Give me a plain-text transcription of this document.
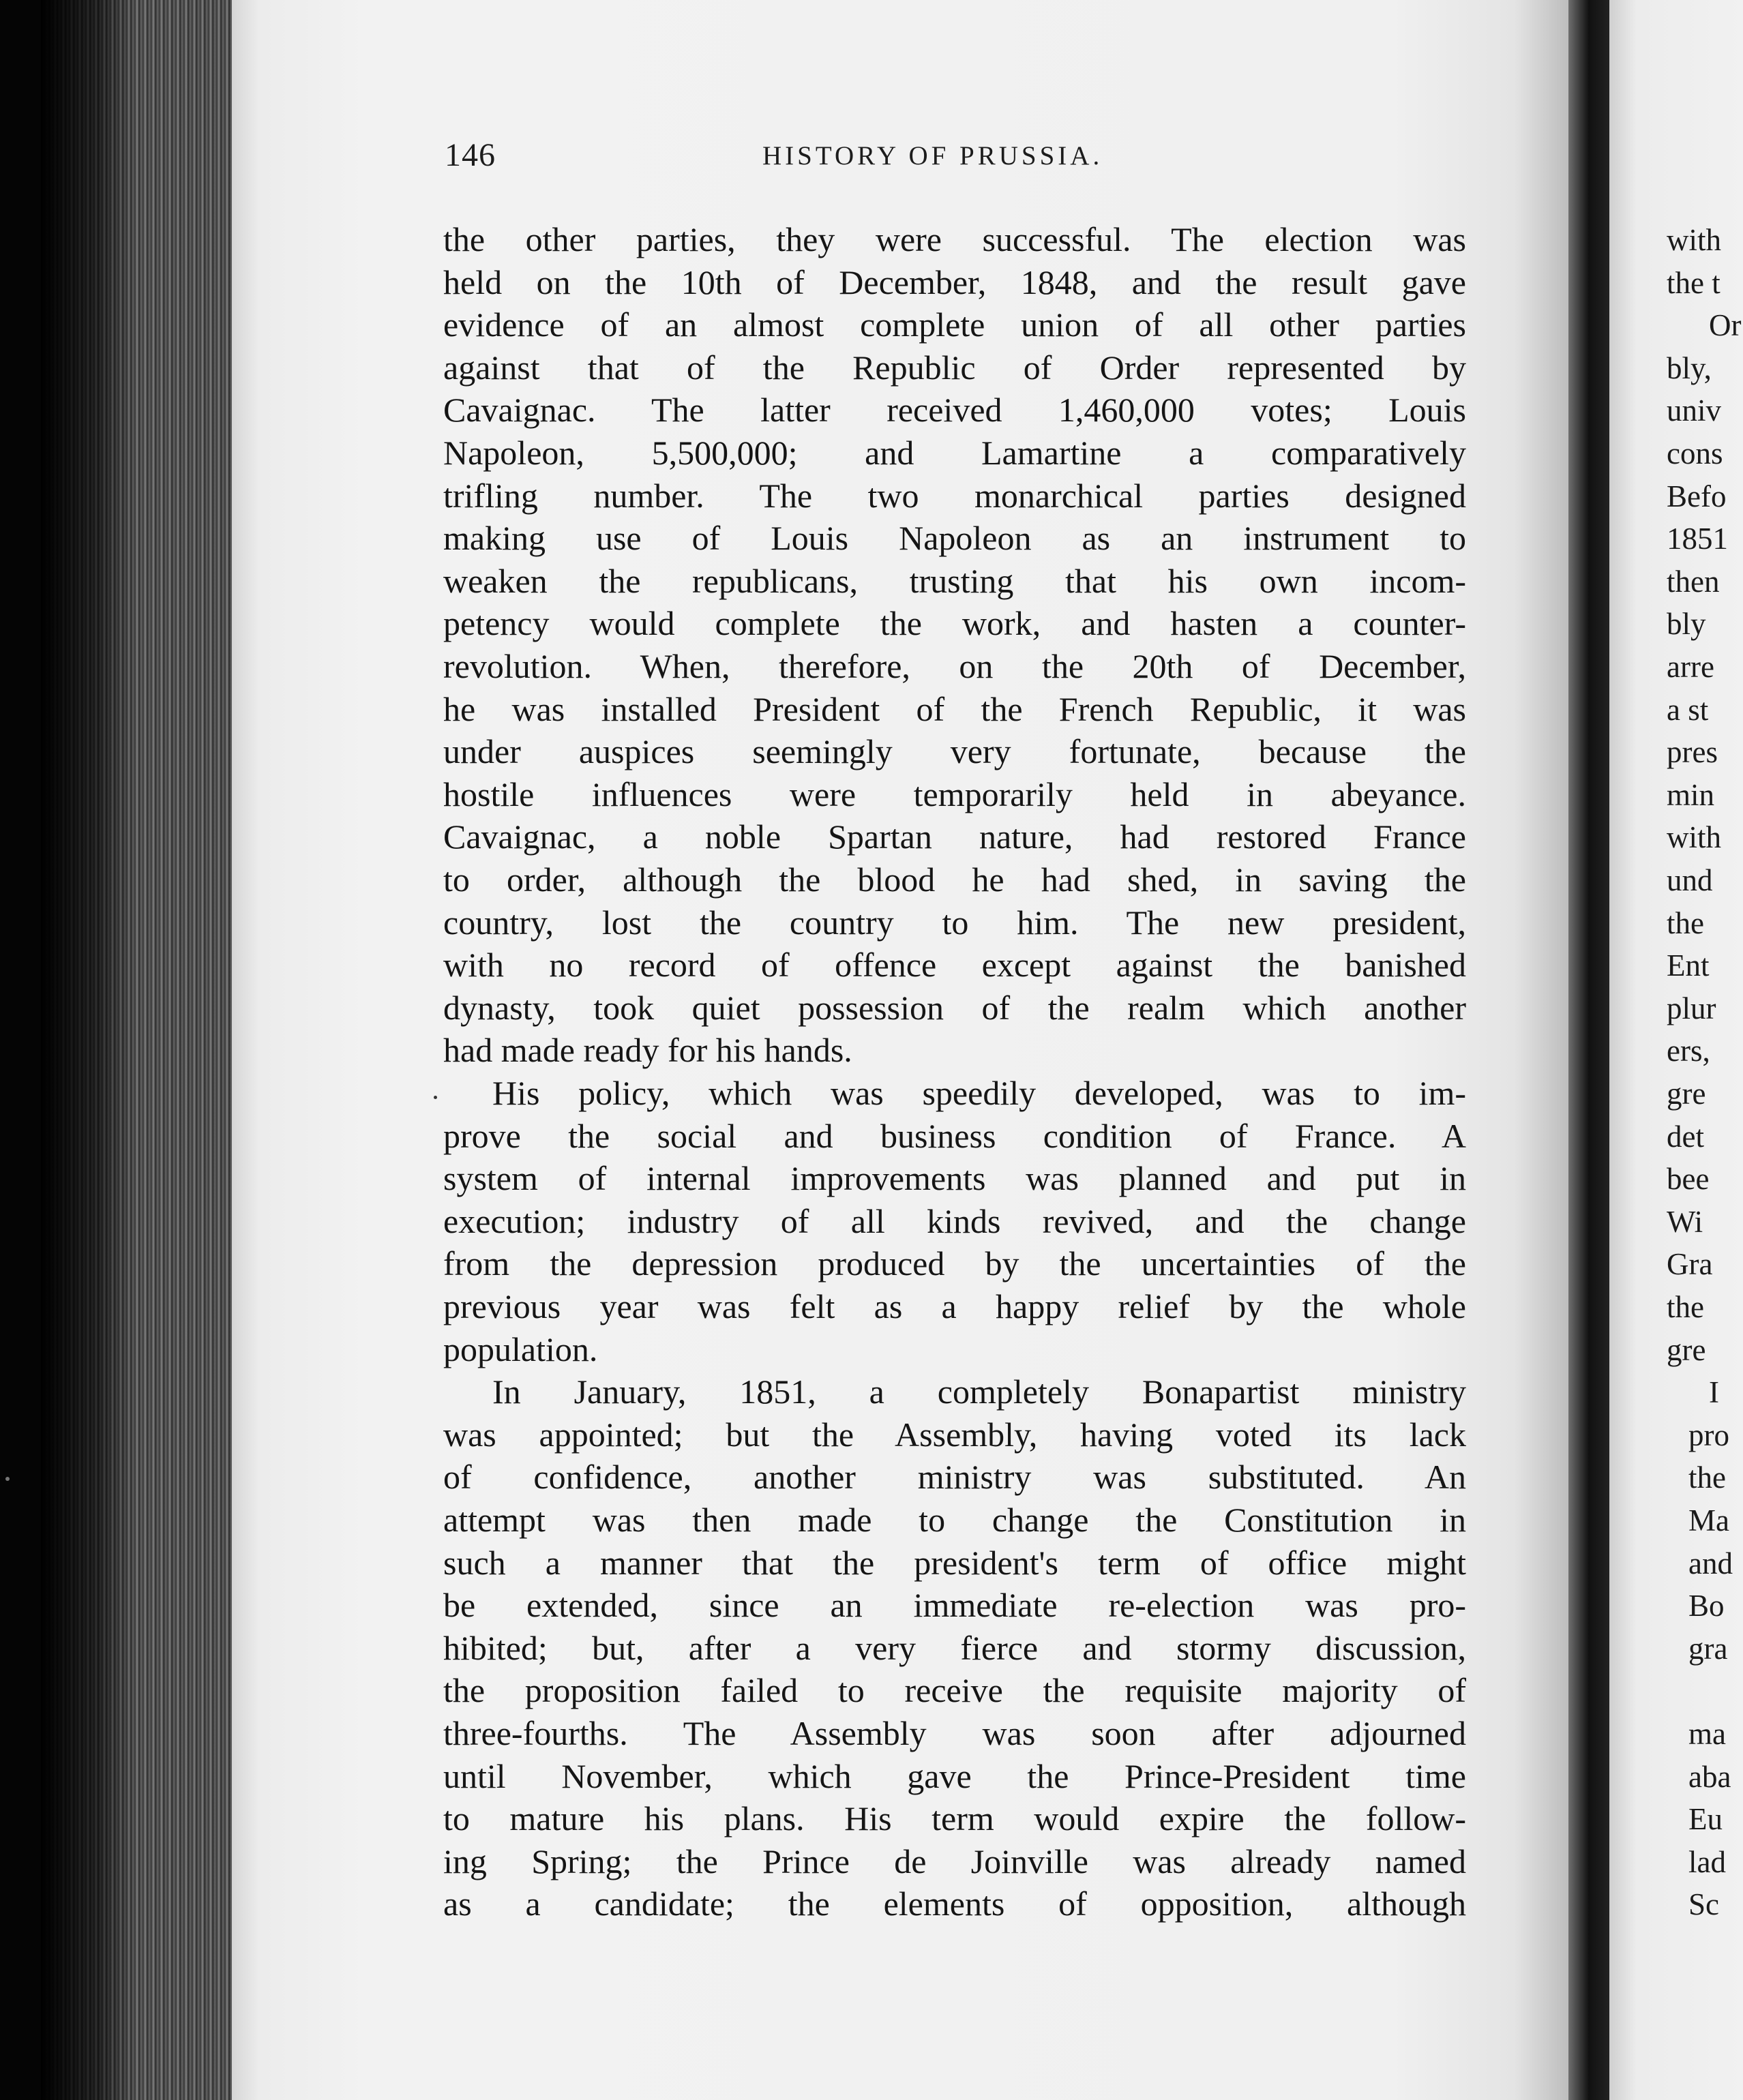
with
the t
Or
bly,
univ
cons
Befo
1851
then
bly
arre
a st
pres
min
with
und
the
Ent
plur
ers,
gre
det
bee
Wi
Gra
the
gre
I
pro
the
Ma
and
Bo
gra
ma
aba
Eu
lad
Sc
146	HISTORY OF PRUSSIA.
the other parties, they were successful. The election was
held on the 10th of December, 1848, and the result gave
evidence of an almost complete union of all other parties
against that of the Republic of Order represented by
Cavaignac. The latter received 1,460,000 votes; Louis
Napoleon, 5,500,000; and Lamartine a comparatively
trifling number. The two monarchical parties designed
making use of Louis Napoleon as an instrument to
weaken the republicans, trusting that his own incom-
petency would complete the work, and hasten a counter-
revolution. When, therefore, on the 20th of December,
he was installed President of the French Republic, it was
under auspices seemingly very fortunate, because the
hostile influences were temporarily held in abeyance.
Cavaignac, a noble Spartan nature, had restored France
to order, although the blood he had shed, in saving the
country, lost the country to him. The new president,
with no record of offence except against the banished
dynasty, took quiet possession of the realm which another
had made ready for his hands.
His policy, which was speedily developed, was to im-
prove the social and business condition of France. A
system of internal improvements was planned and put in
execution; industry of all kinds revived, and the change
from the depression produced by the uncertainties of the
previous year was felt as a happy relief by the whole
population.
In January, 1851, a completely Bonapartist ministry
was appointed; but the Assembly, having voted its lack
of confidence, another ministry was substituted. An
attempt was then made to change the Constitution in
such a manner that the president's term of office might
be extended, since an immediate re-election was pro-
hibited; but, after a very fierce and stormy discussion,
the proposition failed to receive the requisite majority of
three-fourths. The Assembly was soon after adjourned
until November, which gave the Prince-President time
to mature his plans. His term would expire the follow-
ing Spring; the Prince de Joinville was already named
as a candidate; the elements of opposition, although
